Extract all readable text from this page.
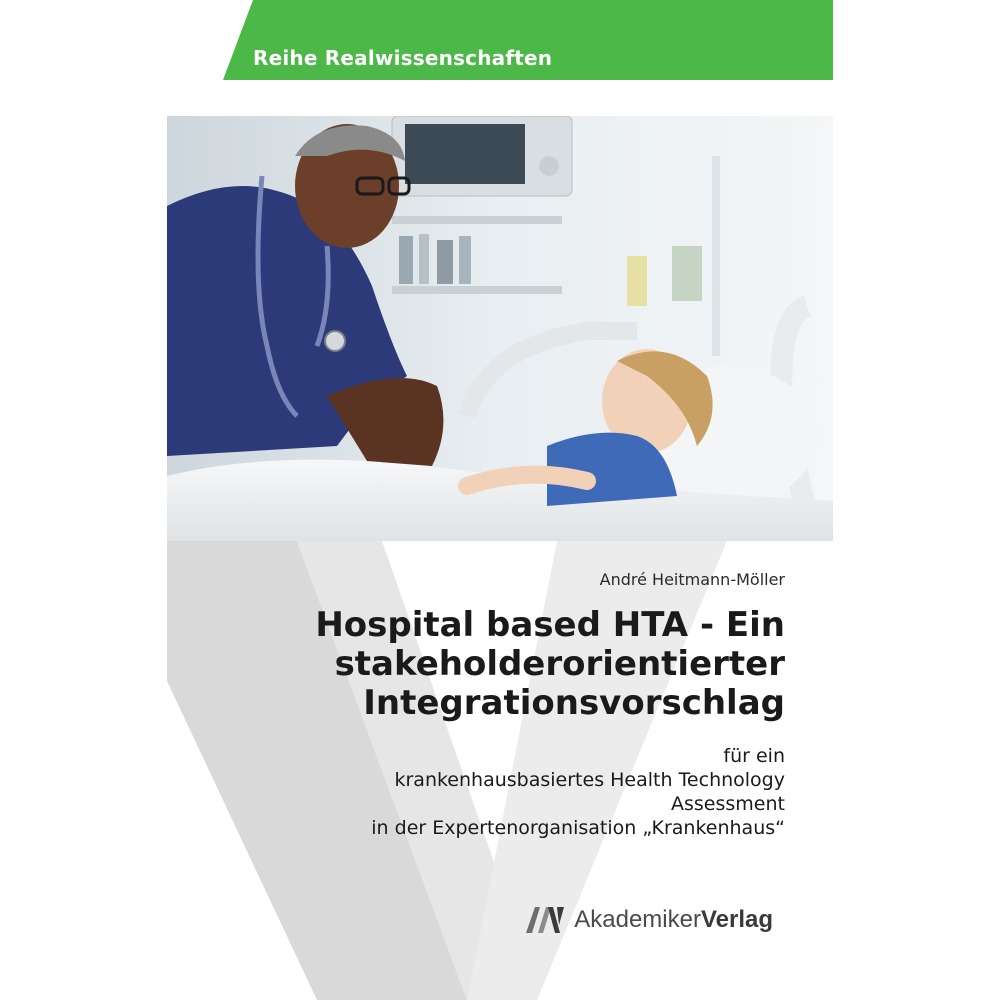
Reihe Realwissenschaften
André Heitmann-Möller
Hospital based HTA - Ein
stakeholderorientierter
Integrationsvorschlag
für ein
krankenhausbasiertes Health Technology
Assessment
in der Expertenorganisation „Krankenhaus“
AkademikerVerlag
